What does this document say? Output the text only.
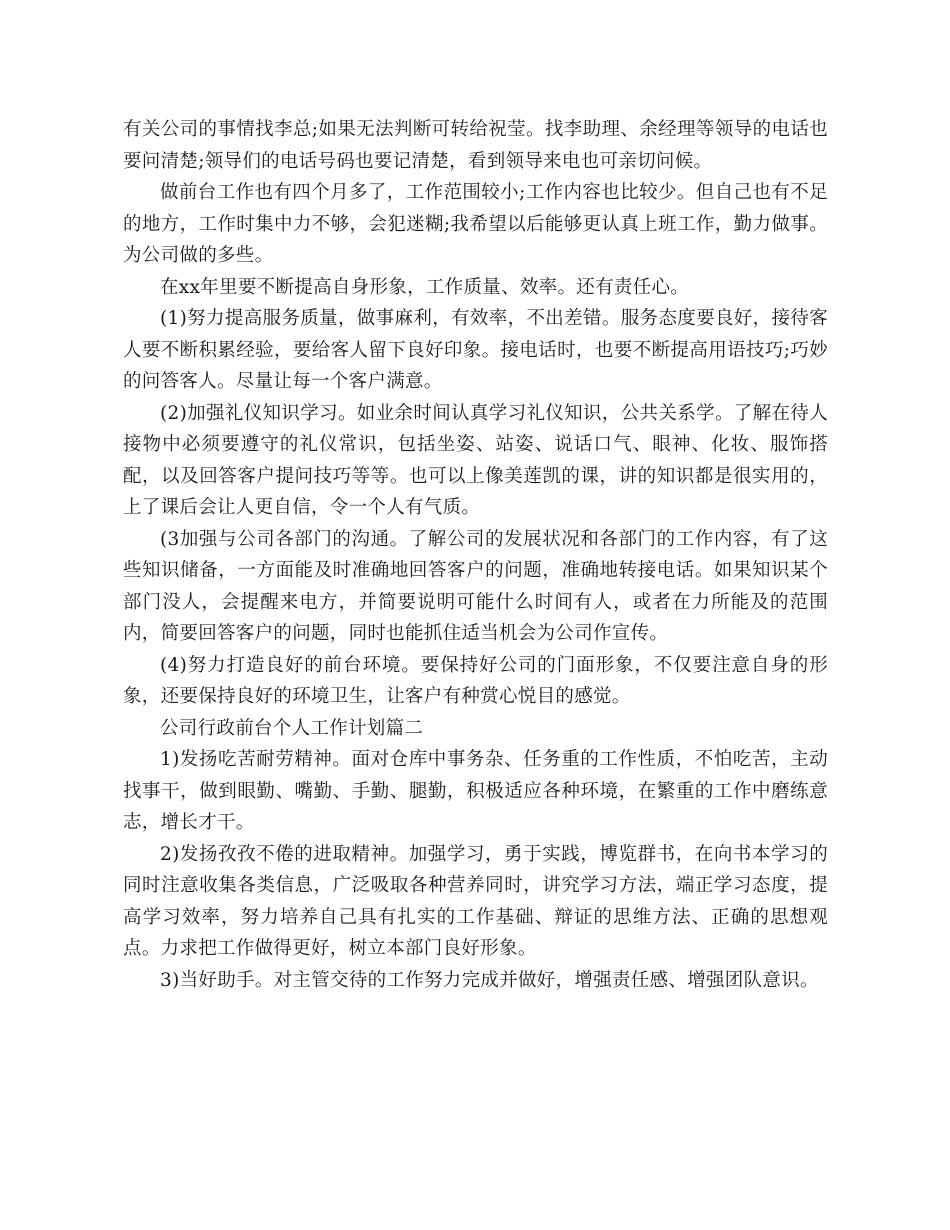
有关公司的事情找李总;如果无法判断可转给祝莹。找李助理、余经理等领导的电话也要问清楚;领导们的电话号码也要记清楚，看到领导来电也可亲切问候。

做前台工作也有四个月多了，工作范围较小;工作内容也比较少。但自己也有不足的地方，工作时集中力不够，会犯迷糊;我希望以后能够更认真上班工作，勤力做事。为公司做的多些。

在xx年里要不断提高自身形象，工作质量、效率。还有责任心。

(1)努力提高服务质量，做事麻利，有效率，不出差错。服务态度要良好，接待客人要不断积累经验，要给客人留下良好印象。接电话时，也要不断提高用语技巧;巧妙的问答客人。尽量让每一个客户满意。

(2)加强礼仪知识学习。如业余时间认真学习礼仪知识，公共关系学。了解在待人接物中必须要遵守的礼仪常识，包括坐姿、站姿、说话口气、眼神、化妆、服饰搭配，以及回答客户提问技巧等等。也可以上像美莲凯的课，讲的知识都是很实用的，上了课后会让人更自信，令一个人有气质。

(3加强与公司各部门的沟通。了解公司的发展状况和各部门的工作内容，有了这些知识储备，一方面能及时准确地回答客户的问题，准确地转接电话。如果知识某个部门没人，会提醒来电方，并简要说明可能什么时间有人，或者在力所能及的范围内，简要回答客户的问题，同时也能抓住适当机会为公司作宣传。

(4)努力打造良好的前台环境。要保持好公司的门面形象，不仅要注意自身的形象，还要保持良好的环境卫生，让客户有种赏心悦目的感觉。

公司行政前台个人工作计划篇二

1)发扬吃苦耐劳精神。面对仓库中事务杂、任务重的工作性质，不怕吃苦，主动找事干，做到眼勤、嘴勤、手勤、腿勤，积极适应各种环境，在繁重的工作中磨练意志，增长才干。

2)发扬孜孜不倦的进取精神。加强学习，勇于实践，博览群书，在向书本学习的同时注意收集各类信息，广泛吸取各种营养同时，讲究学习方法，端正学习态度，提高学习效率，努力培养自己具有扎实的工作基础、辩证的思维方法、正确的思想观点。力求把工作做得更好，树立本部门良好形象。

3)当好助手。对主管交待的工作努力完成并做好，增强责任感、增强团队意识。
